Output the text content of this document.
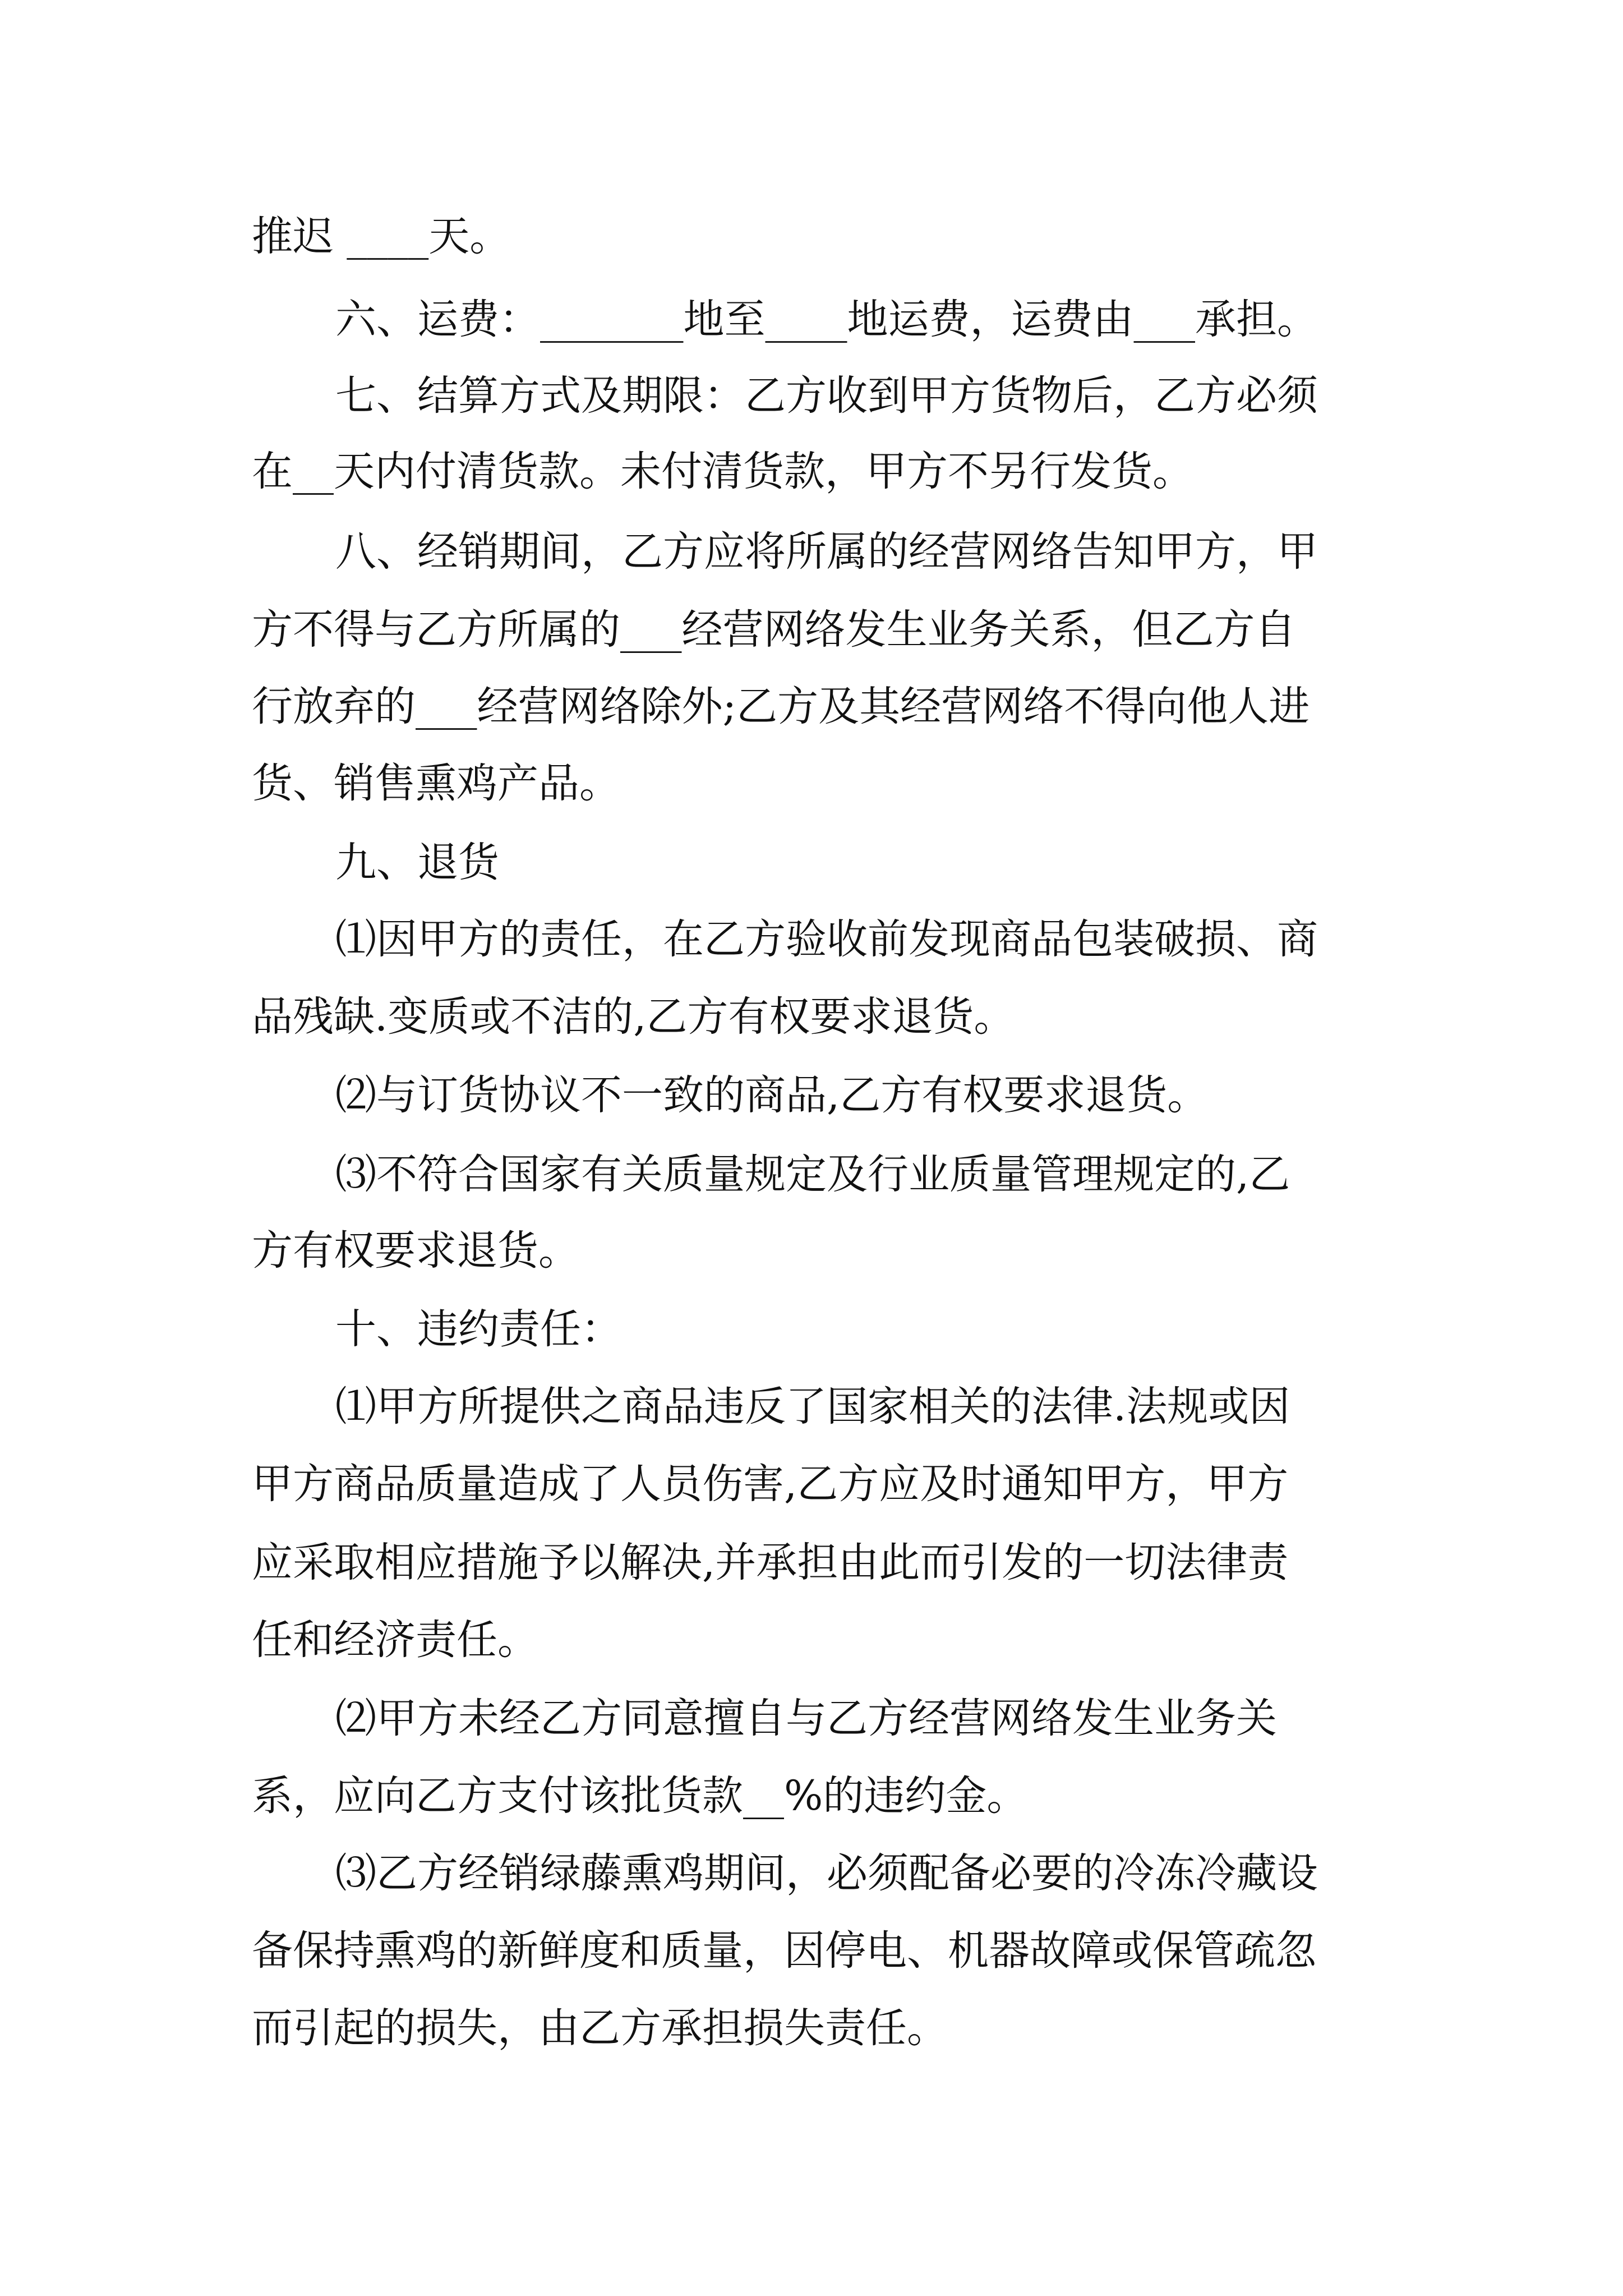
推迟 ____天。

六、运费：_______地至____地运费，运费由___承担。

七、结算方式及期限：乙方收到甲方货物后，乙方必须

在__天内付清货款。未付清货款，甲方不另行发货。

八、经销期间，乙方应将所属的经营网络告知甲方，甲

方不得与乙方所属的___经营网络发生业务关系，但乙方自

行放弃的___经营网络除外;乙方及其经营网络不得向他人进

货、销售熏鸡产品。

九、退货

⑴因甲方的责任，在乙方验收前发现商品包装破损、商

品残缺.变质或不洁的,乙方有权要求退货。

⑵与订货协议不一致的商品,乙方有权要求退货。

⑶不符合国家有关质量规定及行业质量管理规定的,乙

方有权要求退货。

十、违约责任：

⑴甲方所提供之商品违反了国家相关的法律.法规或因

甲方商品质量造成了人员伤害,乙方应及时通知甲方，甲方

应采取相应措施予以解决,并承担由此而引发的一切法律责

任和经济责任。

⑵甲方未经乙方同意擅自与乙方经营网络发生业务关

系，应向乙方支付该批货款__%的违约金。

⑶乙方经销绿藤熏鸡期间，必须配备必要的冷冻冷藏设

备保持熏鸡的新鲜度和质量，因停电、机器故障或保管疏忽

而引起的损失，由乙方承担损失责任。
